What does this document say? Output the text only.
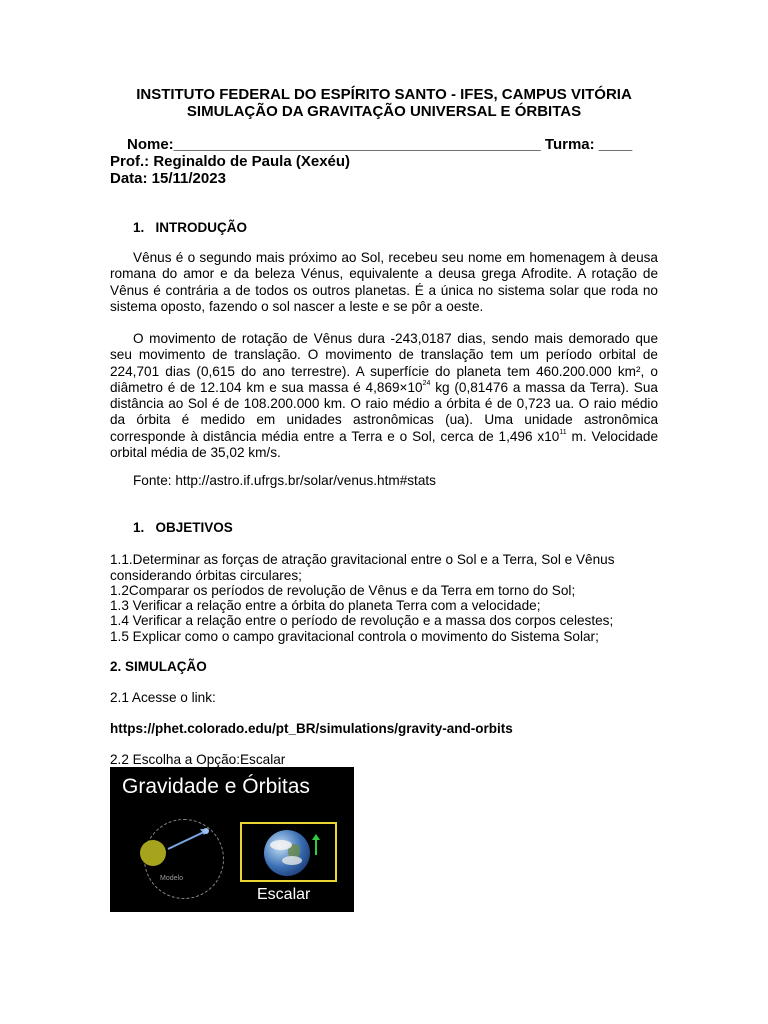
INSTITUTO FEDERAL DO ESPÍRITO SANTO - IFES, CAMPUS VITÓRIA
SIMULAÇÃO DA GRAVITAÇÃO UNIVERSAL E ÓRBITAS
Nome:____________________________________________ Turma: ____
Prof.: Reginaldo de Paula (Xexéu)
Data: 15/11/2023
1.   INTRODUÇÃO

Vênus é o segundo mais próximo ao Sol, recebeu seu nome em homenagem à deusa romana do amor e da beleza Vénus, equivalente a deusa grega Afrodite. A rotação de Vênus é contrária a de todos os outros planetas. É a única no sistema solar que roda no sistema oposto, fazendo o sol nascer a leste e se pôr a oeste.

O movimento de rotação de Vênus dura -243,0187 dias, sendo mais demorado que seu movimento de translação. O movimento de translação tem um período orbital de 224,701 dias (0,615 do ano terrestre). A superfície do planeta tem 460.200.000 km², o diâmetro é de 12.104 km e sua massa é $4,869\times 10^{24}$ kg (0,81476 a massa da Terra). Sua distância ao Sol é de 108.200.000 km. O raio médio a órbita é de 0,723 ua. O raio médio da órbita é medido em unidades astronômicas (ua). Uma unidade astronômica corresponde à distância média entre a Terra e o Sol, cerca de 1,496 $x10^{11}$ m. Velocidade orbital média de 35,02 km/s.

Fonte: http://astro.if.ufrgs.br/solar/venus.htm#stats
1.   OBJETIVOS
1.1.Determinar as forças de atração gravitacional entre o Sol e a Terra, Sol e Vênus considerando órbitas circulares;
1.2Comparar os períodos de revolução de Vênus e da Terra em torno do Sol;
1.3 Verificar a relação entre a órbita do planeta Terra com a velocidade;
1.4 Verificar a relação entre o período de revolução e a massa dos corpos celestes;
1.5 Explicar como o campo gravitacional controla o movimento do Sistema Solar;
2. SIMULAÇÃO
2.1 Acesse o link:
https://phet.colorado.edu/pt_BR/simulations/gravity-and-orbits
2.2 Escolha a Opção:Escalar
Gravidade e Órbitas
Modelo
Escalar
